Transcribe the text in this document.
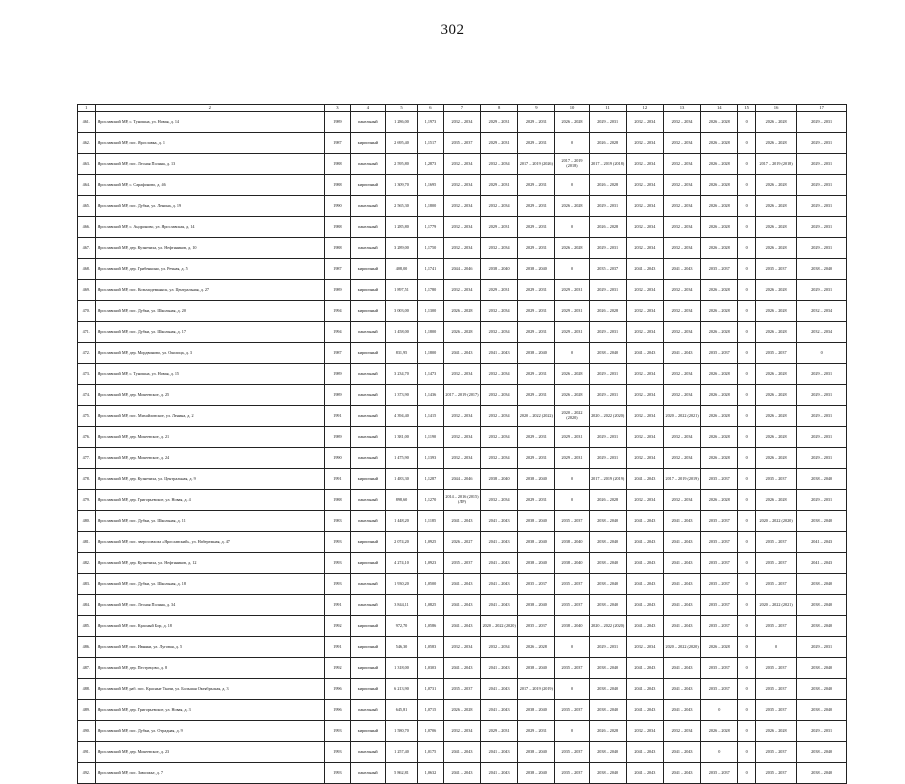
302
1	2	3	4	5	6	7	8	9	10	11	12	13	14	15	16	17
461.	Ярославский МР, с. Туношна, ул. Новая, д. 14	1989	панельный	1 286,00	1,1973	2032 – 2034	2029 – 2031	2029 – 2031	2026 – 2028	2029 – 2031	2032 – 2034	2032 – 2034	2026 – 2028	0	2026 – 2028	2029 – 2031
462.	Ярославский МР, пос. Ярославка, д. 1	1987	кирпичный	2 695,40	1,1517	2035 – 2037	2029 – 2031	2029 – 2031	0	2026 – 2028	2032 – 2034	2032 – 2034	2026 – 2028	0	2026 – 2028	2029 – 2031
463.	Ярославский МР, пос. Лесная Поляна, д. 13	1988	панельный	2 595,80	1,2873	2032 – 2034	2032 – 2034	2017 – 2019 (2026)	2017 – 2019 (2018)	2017 – 2019 (2018)	2032 – 2034	2032 – 2034	2026 – 2028	0	2017 – 2019 (2018)	2029 – 2031
464.	Ярославский МР, с. Сарафоново, д. 46	1988	кирпичный	1 309,70	1,1695	2032 – 2034	2029 – 2031	2029 – 2031	0	2026 – 2028	2032 – 2034	2032 – 2034	2026 – 2028	0	2026 – 2028	2029 – 2031
465.	Ярославский МР, пос. Дубки, ул. Ленина, д. 19	1990	панельный	2 565,30	1,1800	2032 – 2034	2032 – 2034	2029 – 2031	2026 – 2028	2029 – 2031	2032 – 2034	2032 – 2034	2026 – 2028	0	2026 – 2028	2029 – 2031
466.	Ярославский МР, с. Андроново, ул. Ярославская, д. 14	1988	панельный	1 285,80	1,1779	2032 – 2034	2029 – 2031	2029 – 2031	0	2026 – 2028	2032 – 2034	2032 – 2034	2026 – 2028	0	2026 – 2028	2029 – 2031
467.	Ярославский МР, дер. Кузнечиха, ул. Нефтяников, д. 10	1988	панельный	3 289,00	1,1750	2032 – 2034	2032 – 2034	2029 – 2031	2026 – 2028	2029 – 2031	2032 – 2034	2032 – 2034	2026 – 2028	0	2026 – 2028	2029 – 2031
468.	Ярославский МР, дер. Грибенкино, ул. Речная, д. 5	1987	кирпичный	408,00	1,1741	2044 – 2046	2038 – 2040	2038 – 2040	0	2035 – 2037	2041 – 2043	2041 – 2043	2035 – 2037	0	2035 – 2037	2038 – 2040
469.	Ярославский МР, пос. Козьмодемьянск, ул. Центральная, д. 27	1989	кирпичный	1 897,51	1,1780	2032 – 2034	2029 – 2031	2029 – 2031	2029 – 2031	2029 – 2031	2032 – 2034	2032 – 2034	2026 – 2028	0	2026 – 2028	2029 – 2031
470.	Ярославский МР, пос. Дубки, ул. Школьная, д. 20	1994	кирпичный	3 003,00	1,1300	2026 – 2028	2032 – 2034	2029 – 2031	2029 – 2031	2026 – 2028	2032 – 2034	2032 – 2034	2026 – 2028	0	2026 – 2028	2032 – 2034
471.	Ярославский МР, пос. Дубки, ул. Школьная, д. 17	1994	панельный	1 458,00	1,1800	2026 – 2028	2032 – 2034	2029 – 2031	2029 – 2031	2029 – 2031	2032 – 2034	2032 – 2034	2026 – 2028	0	2026 – 2028	2032 – 2034
472.	Ярославский МР, дер. Мордвиново, ул. Околица, д. 3	1987	кирпичный	831,95	1,1800	2041 – 2043	2041 – 2043	2038 – 2040	0	2038 – 2040	2041 – 2043	2041 – 2043	2035 – 2037	0	2035 – 2037	0
473.	Ярославский МР, с. Туношна, ул. Новая, д. 15	1989	панельный	3 234,70	1,1473	2032 – 2034	2032 – 2034	2029 – 2031	2026 – 2028	2029 – 2031	2032 – 2034	2032 – 2034	2026 – 2028	0	2026 – 2028	2029 – 2031
474.	Ярославский МР, дер. Мокеевское, д. 25	1989	панельный	1 373,90	1,1436	2017 – 2019 (2017)	2032 – 2034	2029 – 2031	2026 – 2028	2029 – 2031	2032 – 2034	2032 – 2034	2026 – 2028	0	2026 – 2028	2029 – 2031
475.	Ярославский МР, пос. Михайловское, ул. Ленина, д. 2	1991	панельный	4 394,40	1,1415	2032 – 2034	2032 – 2034	2020 – 2022 (2022)	2020 – 2022 (2020)	2020 – 2022 (2020)	2032 – 2034	2020 – 2022 (2021)	2026 – 2028	0	2026 – 2028	2029 – 2031
476.	Ярославский МР, дер. Мокеевское, д. 21	1989	панельный	1 381,00	1,1190	2032 – 2034	2032 – 2034	2029 – 2031	2029 – 2031	2029 – 2031	2032 – 2034	2032 – 2034	2026 – 2028	0	2026 – 2028	2029 – 2031
477.	Ярославский МР, дер. Мокеевское, д. 24	1990	панельный	1 475,90	1,1393	2032 – 2034	2032 – 2034	2029 – 2031	2029 – 2031	2029 – 2031	2032 – 2034	2032 – 2034	2026 – 2028	0	2026 – 2028	2029 – 2031
478.	Ярославский МР, дер. Кузнечиха, ул. Центральная, д. 9	1991	кирпичный	1 483,30	1,1287	2044 – 2046	2038 – 2040	2038 – 2040	0	2017 – 2019 (2019)	2041 – 2043	2017 – 2019 (2019)	2035 – 2037	0	2035 – 2037	2038 – 2040
479.	Ярославский МР, дер. Григорьевское, ул. Новая, д. 4	1988	панельный	898,60	1,1270	2014 – 2016 (2015)(ЛР)	2032 – 2034	2029 – 2031	0	2026 – 2028	2032 – 2034	2032 – 2034	2026 – 2028	0	2026 – 2028	2029 – 2031
480.	Ярославский МР, пос. Дубки, ул. Школьная, д. 11	1983	панельный	1 448,20	1,1185	2041 – 2043	2041 – 2043	2038 – 2040	2035 – 2037	2038 – 2040	2041 – 2043	2041 – 2043	2035 – 2037	0	2020 – 2022 (2020)	2038 – 2040
481.	Ярославский МР, пос. зверосовхоза «Ярославский», ул. Набережная, д. 47	1993	кирпичный	2 074,20	1,0925	2026 – 2027	2041 – 2043	2038 – 2040	2038 – 2040	2038 – 2040	2041 – 2043	2041 – 2043	2035 – 2037	0	2035 – 2037	2041 – 2043
482.	Ярославский МР, дер. Кузнечиха, ул. Нефтяников, д. 12	1993	кирпичный	4 274,10	1,0923	2035 – 2037	2041 – 2043	2038 – 2040	2038 – 2040	2038 – 2040	2041 – 2043	2041 – 2043	2035 – 2037	0	2035 – 2037	2041 – 2043
483.	Ярославский МР, пос. Дубки, ул. Школьная, д. 18	1993	панельный	1 930,20	1,0500	2041 – 2043	2041 – 2043	2035 – 2037	2035 – 2037	2038 – 2040	2041 – 2043	2041 – 2043	2035 – 2037	0	2035 – 2037	2038 – 2040
484.	Ярославский МР, пос. Лесная Поляна, д. 34	1991	панельный	3 844,11	1,0825	2041 – 2043	2041 – 2043	2038 – 2040	2035 – 2037	2038 – 2040	2041 – 2043	2041 – 2043	2035 – 2037	0	2020 – 2022 (2021)	2038 – 2040
485.	Ярославский МР, пос. Красный Бор, д. 18	1992	кирпичный	972,70	1,0586	2041 – 2043	2020 – 2022 (2020)	2035 – 2037	2038 – 2040	2020 – 2022 (2020)	2041 – 2043	2041 – 2043	2035 – 2037	0	2035 – 2037	2038 – 2040
486.	Ярославский МР, пос. Ивняки, ул. Луговая, д. 5	1991	кирпичный	546,30	1,0583	2032 – 2034	2032 – 2034	2026 – 2028	0	2029 – 2031	2032 – 2034	2020 – 2022 (2020)	2026 – 2028	0	0	2029 – 2031
487.	Ярославский МР, дер. Пестрецово, д. 8	1992	кирпичный	1 318,00	1,0303	2041 – 2043	2041 – 2043	2038 – 2040	2035 – 2037	2038 – 2040	2041 – 2043	2041 – 2043	2035 – 2037	0	2035 – 2037	2038 – 2040
488.	Ярославский МР, раб. пос. Красные Ткачи, ул. Большая Октябрьская, д. 3	1996	кирпичный	6 213,90	1,0731	2035 – 2037	2041 – 2043	2017 – 2019 (2019)	0	2038 – 2040	2041 – 2043	2041 – 2043	2035 – 2037	0	2035 – 2037	2038 – 2040
489.	Ярославский МР, дер. Григорьевское, ул. Новая, д. 3	1996	панельный	645,81	1,0715	2026 – 2028	2041 – 2043	2038 – 2040	2035 – 2037	2038 – 2040	2041 – 2043	2041 – 2043	0	0	2035 – 2037	2038 – 2040
490.	Ярославский МР, пос. Дубки, ул. Отрадная, д. 9	1993	кирпичный	1 580,70	1,0706	2032 – 2034	2029 – 2031	2029 – 2031	0	2026 – 2028	2032 – 2034	2032 – 2034	2026 – 2028	0	2026 – 2028	2029 – 2031
491.	Ярославский МР, дер. Мокеевское, д. 23	1993	панельный	1 257,40	1,0175	2041 – 2043	2041 – 2043	2038 – 2040	2035 – 2037	2038 – 2040	2041 – 2043	2041 – 2043	0	0	2035 – 2037	2038 – 2040
492.	Ярославский МР, пос. Заволжье, д. 7	1993	панельный	5 862,81	1,0632	2041 – 2043	2041 – 2043	2038 – 2040	2035 – 2037	2038 – 2040	2041 – 2043	2041 – 2043	2035 – 2037	0	2035 – 2037	2038 – 2040
